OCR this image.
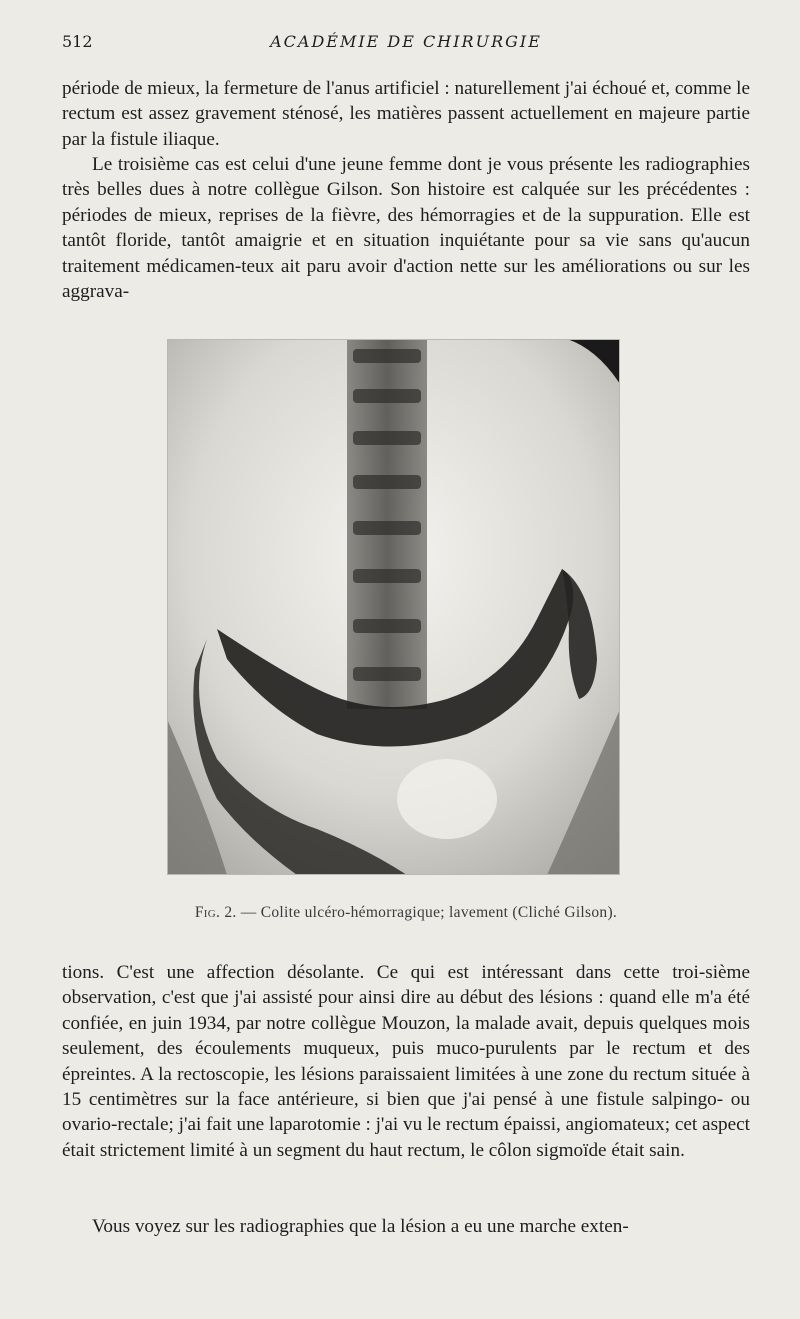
512	ACADÉMIE DE CHIRURGIE

période de mieux, la fermeture de l'anus artificiel : naturellement j'ai échoué et, comme le rectum est assez gravement sténosé, les matières passent actuellement en majeure partie par la fistule iliaque.

Le troisième cas est celui d'une jeune femme dont je vous présente les radiographies très belles dues à notre collègue Gilson. Son histoire est calquée sur les précédentes : périodes de mieux, reprises de la fièvre, des hémorragies et de la suppuration. Elle est tantôt floride, tantôt amaigrie et en situation inquiétante pour sa vie sans qu'aucun traitement médicamen-teux ait paru avoir d'action nette sur les améliorations ou sur les aggrava-

Fig. 2. — Colite ulcéro-hémorragique; lavement (Cliché Gilson).

tions. C'est une affection désolante. Ce qui est intéressant dans cette troi-sième observation, c'est que j'ai assisté pour ainsi dire au début des lésions : quand elle m'a été confiée, en juin 1934, par notre collègue Mouzon, la malade avait, depuis quelques mois seulement, des écoulements muqueux, puis muco-purulents par le rectum et des épreintes. A la rectoscopie, les lésions paraissaient limitées à une zone du rectum située à 15 centimètres sur la face antérieure, si bien que j'ai pensé à une fistule salpingo- ou ovario-rectale; j'ai fait une laparotomie : j'ai vu le rectum épaissi, angiomateux; cet aspect était strictement limité à un segment du haut rectum, le côlon sigmoïde était sain.

Vous voyez sur les radiographies que la lésion a eu une marche exten-
